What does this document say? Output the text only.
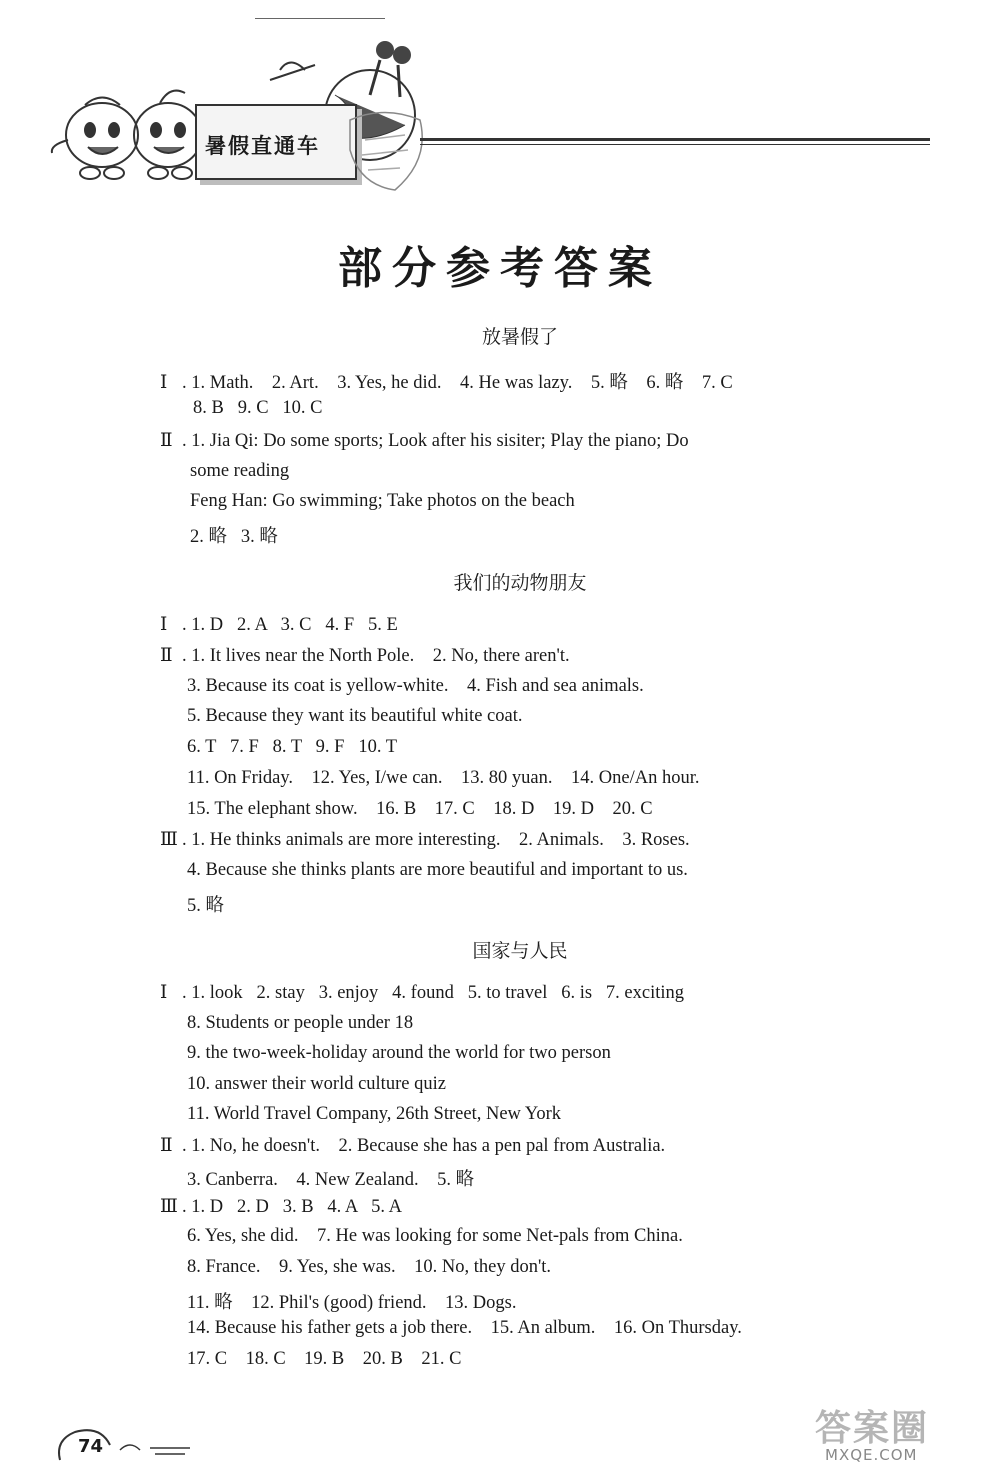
暑假直通车
部分参考答案
放暑假了
Ⅰ . 1. Math.    2. Art.    3. Yes, he did.    4. He was lazy.    5. 略    6. 略    7. C
8. B   9. C   10. C
Ⅱ . 1. Jia Qi: Do some sports; Look after his sisiter; Play the piano; Do
some reading
Feng Han: Go swimming; Take photos on the beach
2. 略   3. 略
我们的动物朋友
Ⅰ . 1. D   2. A   3. C   4. F   5. E
Ⅱ . 1. It lives near the North Pole.    2. No, there aren't.
3. Because its coat is yellow-white.    4. Fish and sea animals.
5. Because they want its beautiful white coat.
6. T   7. F   8. T   9. F   10. T
11. On Friday.    12. Yes, I/we can.    13. 80 yuan.    14. One/An hour.
15. The elephant show.    16. B    17. C    18. D    19. D    20. C
Ⅲ . 1. He thinks animals are more interesting.    2. Animals.    3. Roses.
4. Because she thinks plants are more beautiful and important to us.
5. 略
国家与人民
Ⅰ . 1. look   2. stay   3. enjoy   4. found   5. to travel   6. is   7. exciting
8. Students or people under 18
9. the two-week-holiday around the world for two person
10. answer their world culture quiz
11. World Travel Company, 26th Street, New York
Ⅱ . 1. No, he doesn't.    2. Because she has a pen pal from Australia.
3. Canberra.    4. New Zealand.    5. 略
Ⅲ . 1. D   2. D   3. B   4. A   5. A
6. Yes, she did.    7. He was looking for some Net-pals from China.
8. France.    9. Yes, she was.    10. No, they don't.
11. 略    12. Phil's (good) friend.    13. Dogs.
14. Because his father gets a job there.    15. An album.    16. On Thursday.
17. C    18. C    19. B    20. B    21. C
74	答案圈
MXQE.COM
